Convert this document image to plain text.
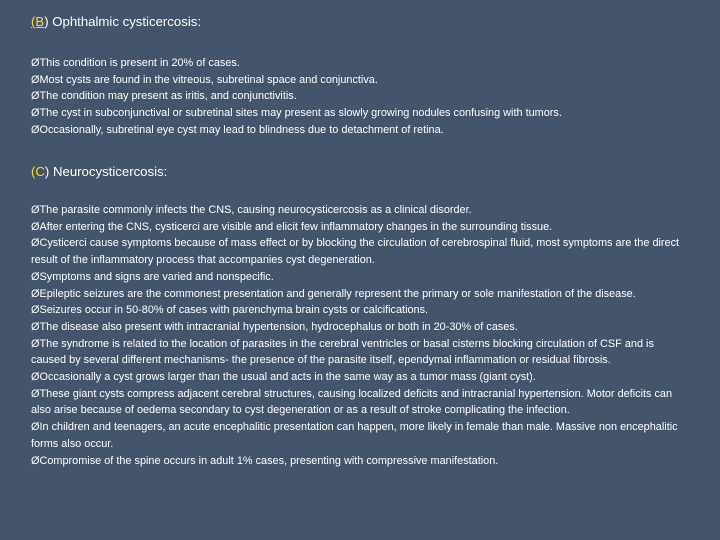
(B) Ophthalmic cysticercosis:
ØThis condition is present in 20% of cases.
ØMost cysts are found in the vitreous, subretinal space and conjunctiva.
ØThe condition may present as iritis, and conjunctivitis.
ØThe cyst in subconjunctival or subretinal sites may present as slowly growing nodules confusing with tumors.
ØOccasionally, subretinal eye cyst may lead to blindness due to detachment of retina.
(C) Neurocysticercosis:
ØThe parasite commonly infects the CNS, causing neurocysticercosis as a clinical disorder.
ØAfter entering the CNS, cysticerci are visible and elicit few inflammatory changes in the surrounding tissue.
ØCysticerci cause symptoms because of mass effect or by blocking the circulation of cerebrospinal fluid, most symptoms are the direct result of the inflammatory process that accompanies cyst degeneration.
ØSymptoms and signs are varied and nonspecific.
ØEpileptic seizures are the commonest presentation and generally represent the primary or sole manifestation of the disease.
ØSeizures occur in 50-80% of cases with parenchyma brain cysts or calcifications.
ØThe disease also present with intracranial hypertension, hydrocephalus or both in 20-30% of cases.
ØThe syndrome is related to the location of parasites in the cerebral ventricles or basal cisterns blocking circulation of CSF and is caused by several different mechanisms- the presence of the parasite itself, ependymal inflammation or residual fibrosis.
ØOccasionally a cyst grows larger than the usual and acts in the same way as a tumor mass (giant cyst).
ØThese giant cysts compress adjacent cerebral structures, causing localized deficits and intracranial hypertension. Motor deficits can also arise because of oedema secondary to cyst degeneration or as a result of stroke complicating the infection.
ØIn children and teenagers, an acute encephalitic presentation can happen, more likely in female than male. Massive non encephalitic forms also occur.
ØCompromise of the spine occurs in adult 1% cases, presenting with compressive manifestation.
